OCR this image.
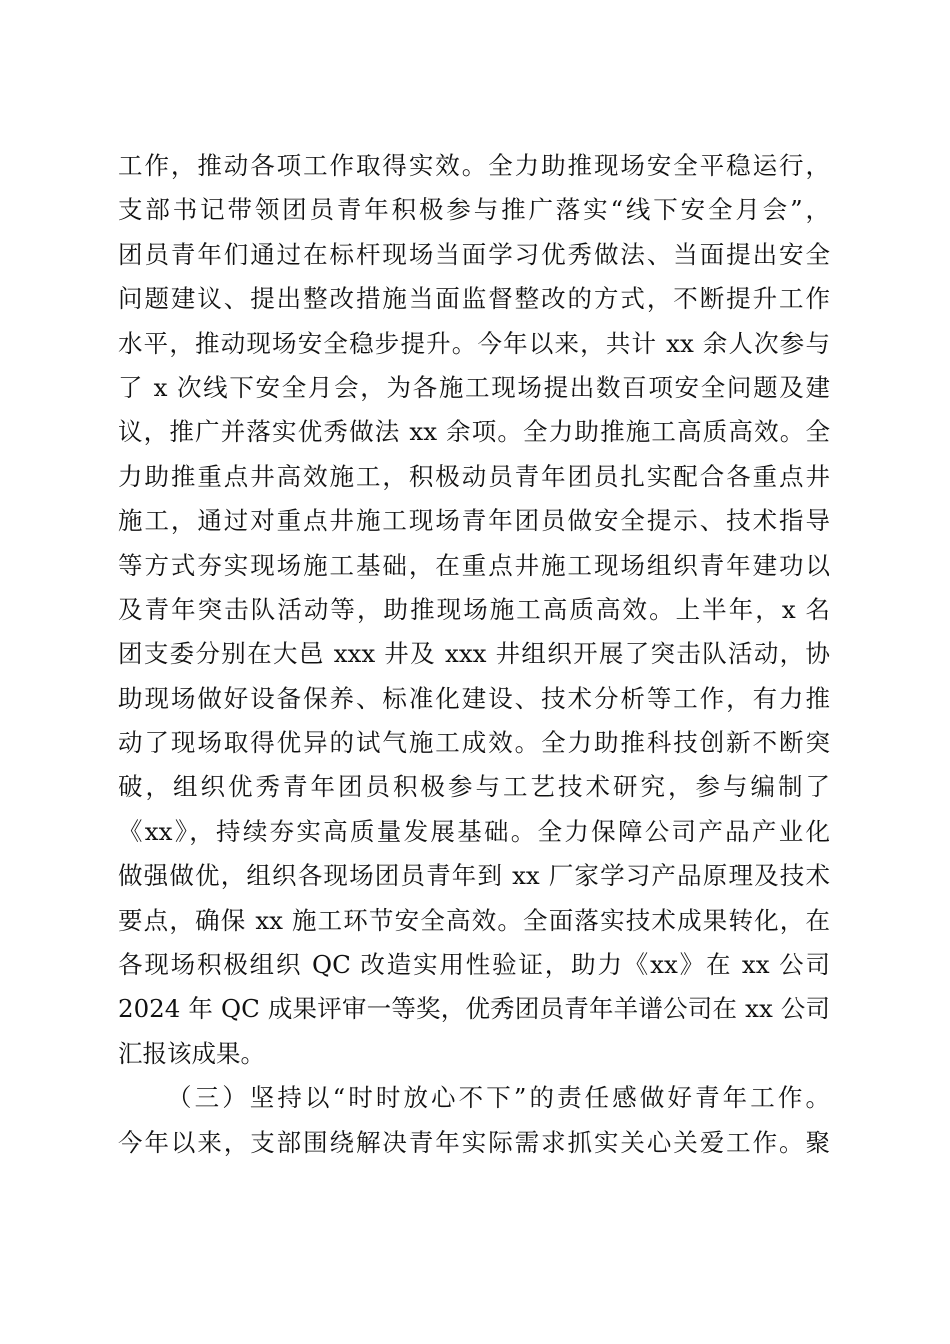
工作，推动各项工作取得实效。全力助推现场安全平稳运行，
支部书记带领团员青年积极参与推广落实“线下安全月会”，
团员青年们通过在标杆现场当面学习优秀做法、当面提出安全
问题建议、提出整改措施当面监督整改的方式，不断提升工作
水平，推动现场安全稳步提升。今年以来，共计 xx 余人次参与
了 x 次线下安全月会，为各施工现场提出数百项安全问题及建
议，推广并落实优秀做法 xx 余项。全力助推施工高质高效。全
力助推重点井高效施工，积极动员青年团员扎实配合各重点井
施工，通过对重点井施工现场青年团员做安全提示、技术指导
等方式夯实现场施工基础，在重点井施工现场组织青年建功以
及青年突击队活动等，助推现场施工高质高效。上半年，x 名
团支委分别在大邑 xxx 井及 xxx 井组织开展了突击队活动，协
助现场做好设备保养、标准化建设、技术分析等工作，有力推
动了现场取得优异的试气施工成效。全力助推科技创新不断突
破，组织优秀青年团员积极参与工艺技术研究，参与编制了
《xx》，持续夯实高质量发展基础。全力保障公司产品产业化
做强做优，组织各现场团员青年到 xx 厂家学习产品原理及技术
要点，确保 xx 施工环节安全高效。全面落实技术成果转化，在
各现场积极组织 QC 改造实用性验证，助力《xx》在 xx 公司
2024 年 QC 成果评审一等奖，优秀团员青年羊谱公司在 xx 公司
汇报该成果。
（三）坚持以“时时放心不下”的责任感做好青年工作。
今年以来，支部围绕解决青年实际需求抓实关心关爱工作。聚
